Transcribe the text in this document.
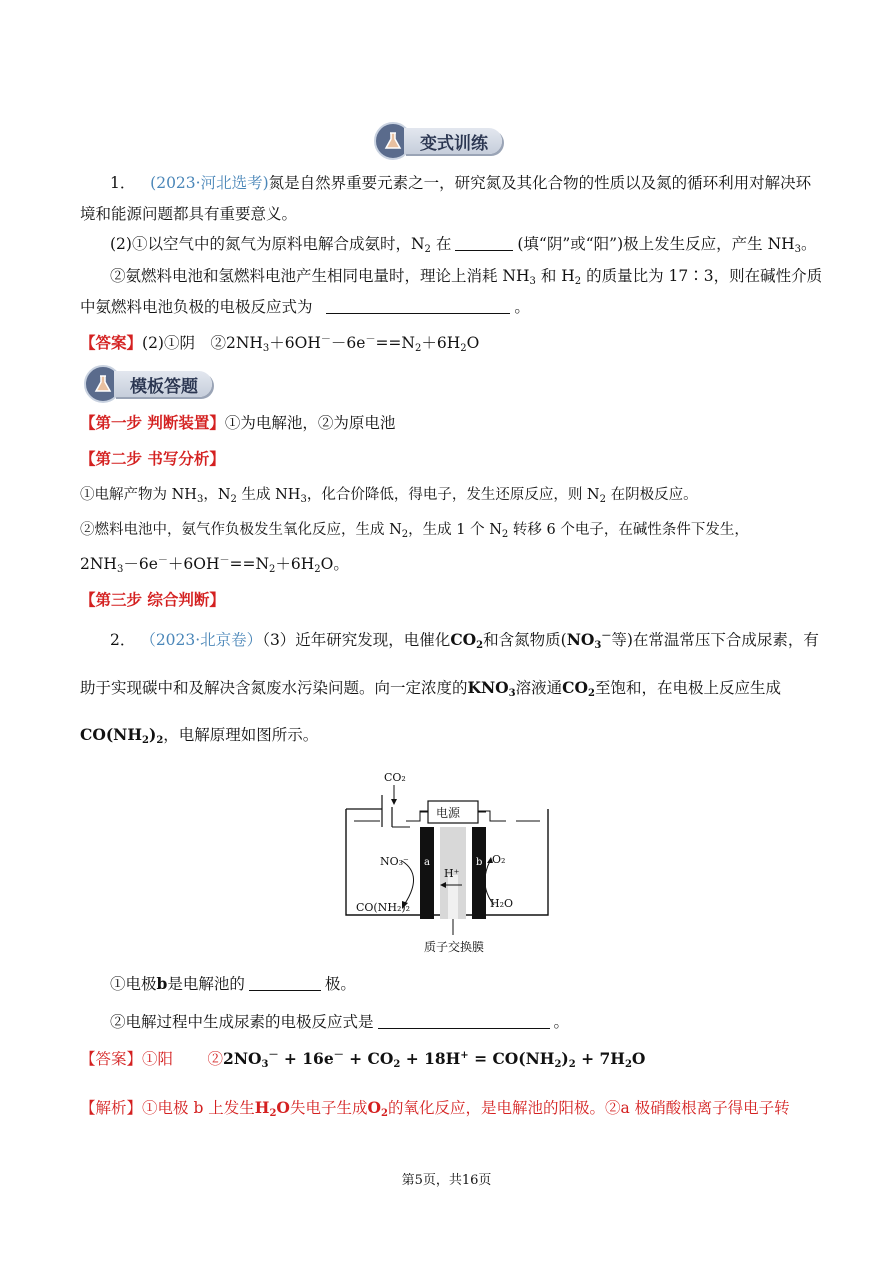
变式训练
1． (2023·河北选考)氮是自然界重要元素之一，研究氮及其化合物的性质以及氮的循环利用对解决环
境和能源问题都具有重要意义。
(2)①以空气中的氮气为原料电解合成氨时，$N_2$ 在	(填“阴”或“阳”)极上发生反应，产生 $NH_3$。
②氨燃料电池和氢燃料电池产生相同电量时，理论上消耗 $NH_3$ 和 $H_2$ 的质量比为 17∶3，则在碱性介质
中氨燃料电池负极的电极反应式为	。
【答案】(2)①阴　$②2NH_3+6OH^--6e^-==N_2+6H_2O$
模板答题
【第一步 判断装置】①为电解池，②为原电池
【第二步 书写分析】
①电解产物为 $NH_3$，$N_2$ 生成 $NH_3$，化合价降低，得电子，发生还原反应，则 $N_2$ 在阴极反应。
②燃料电池中，氨气作负极发生氧化反应，生成 $N_2$，生成 1 个 $N_2$ 转移 6 个电子，在碱性条件下发生，
$2NH_3-6e^-+6OH^-==N_2+6H_2O$。
【第三步 综合判断】
2． （2023·北京卷）（3）近年研究发现，电催化$CO_2$和含氮物质($NO_3^-$等)在常温常压下合成尿素，有
助于实现碳中和及解决含氮废水污染问题。向一定浓度的$KNO_3$溶液通$CO_2$至饱和，在电极上反应生成
$CO(NH_2)_2$，电解原理如图所示。
CO₂
电源
a	b
H⁺
NO₃⁻
CO(NH₂)₂
O₂
H₂O
质子交换膜
①电极b是电解池的	极。
②电解过程中生成尿素的电极反应式是	。
【答案】①阳 $②2NO_3^- + 16e^- + CO_2 + 18H^+ = CO(NH_2)_2 + 7H_2O$
【解析】①电极 b 上发生$H_2O$失电子生成$O_2$的氧化反应，是电解池的阳极。②a 极硝酸根离子得电子转
第5页，共16页
